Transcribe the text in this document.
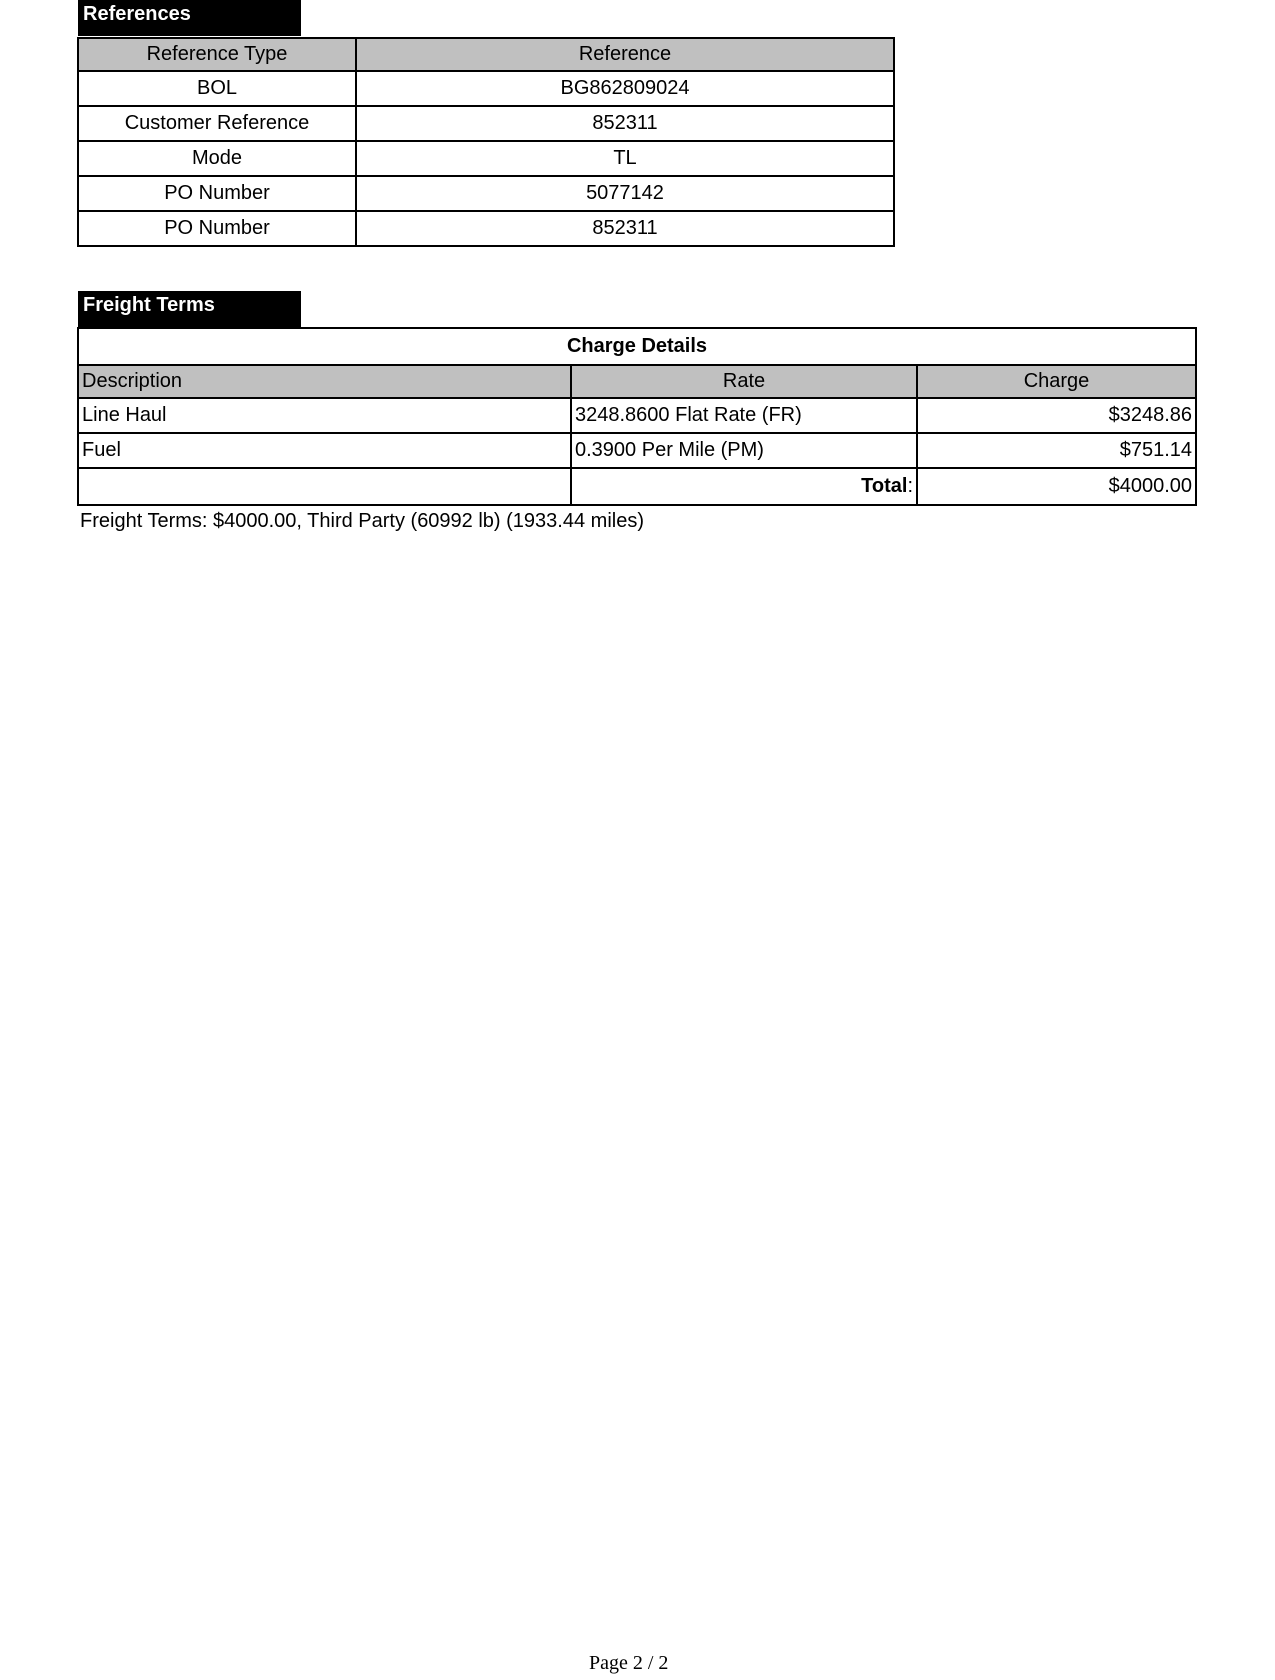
References
Reference Type	Reference
BOL	BG862809024
Customer Reference	852311
Mode	TL
PO Number	5077142
PO Number	852311
Freight Terms
Charge Details		
Description	Rate	Charge
Line Haul	3248.8600 Flat Rate (FR)	$3248.86
Fuel	0.3900 Per Mile (PM)	$751.14
	Total:	$4000.00
Freight Terms: $4000.00, Third Party (60992 lb) (1933.44 miles)
Page 2 / 2
